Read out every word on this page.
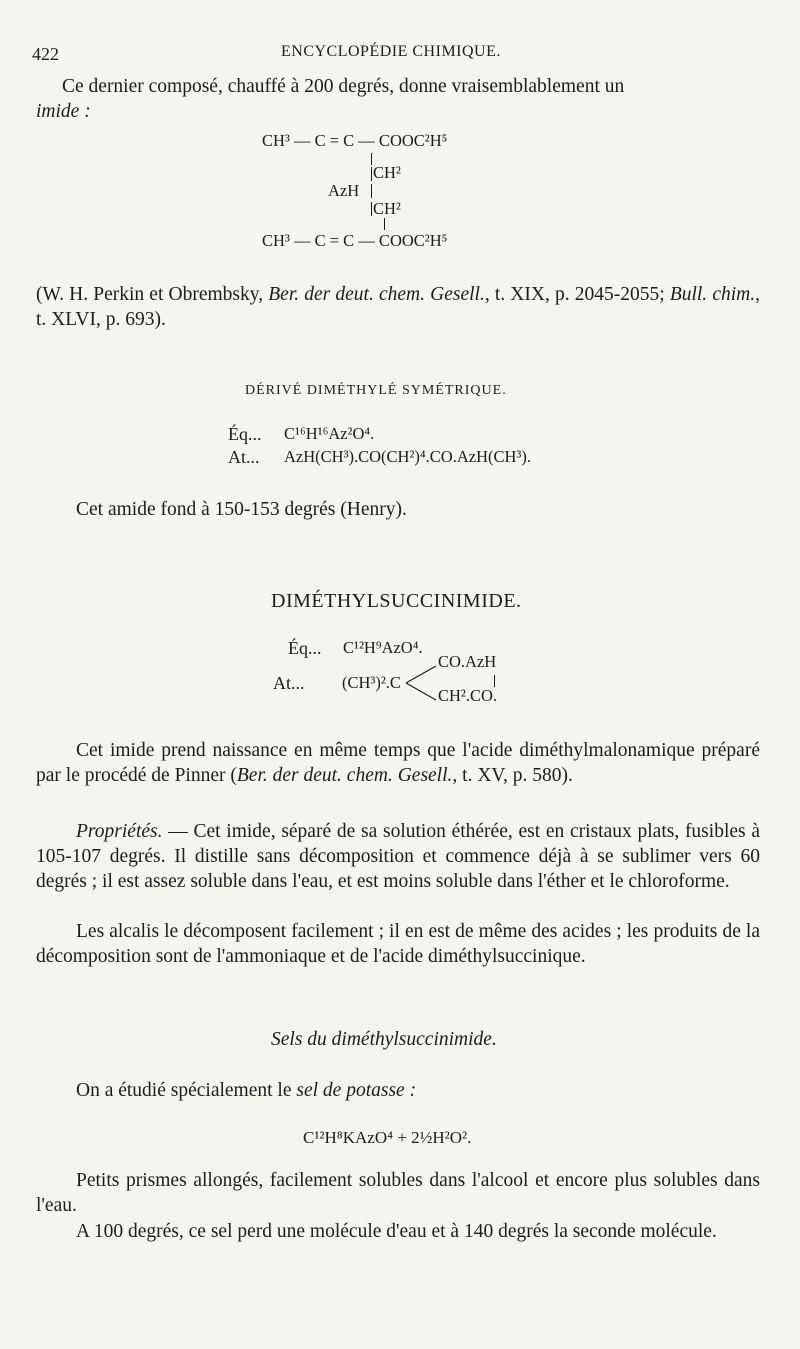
422	ENCYCLOPÉDIE CHIMIQUE.
Ce dernier composé, chauffé à 200 degrés, donne vraisemblablement un
imide :
CH³ — C = C — COOC²H⁵
CH²
AzH
CH²
CH³ — C = C — COOC²H⁵
(W. H. Perkin et Obrembsky, Ber. der deut. chem. Gesell., t. XIX, p. 2045-2055; Bull. chim., t. XLVI, p. 693).
DÉRIVÉ DIMÉTHYLÉ SYMÉTRIQUE.
Éq... C¹⁶H¹⁶Az²O⁴.
At... AzH(CH³).CO(CH²)⁴.CO.AzH(CH³).
Cet amide fond à 150-153 degrés (Henry).
DIMÉTHYLSUCCINIMIDE.
Éq... C¹²H⁹AzO⁴.
At... (CH³)².C
CO.AzH
CH².CO.
Cet imide prend naissance en même temps que l'acide diméthylmalonamique préparé par le procédé de Pinner (Ber. der deut. chem. Gesell., t. XV, p. 580).
Propriétés. — Cet imide, séparé de sa solution éthérée, est en cristaux plats, fusibles à 105-107 degrés. Il distille sans décomposition et commence déjà à se sublimer vers 60 degrés ; il est assez soluble dans l'eau, et est moins soluble dans l'éther et le chloroforme.
Les alcalis le décomposent facilement ; il en est de même des acides ; les produits de la décomposition sont de l'ammoniaque et de l'acide diméthylsuccinique.
Sels du diméthylsuccinimide.
On a étudié spécialement le sel de potasse :
C¹²H⁸KAzO⁴ + 2½H²O².
Petits prismes allongés, facilement solubles dans l'alcool et encore plus solubles dans l'eau.
A 100 degrés, ce sel perd une molécule d'eau et à 140 degrés la seconde molécule.
